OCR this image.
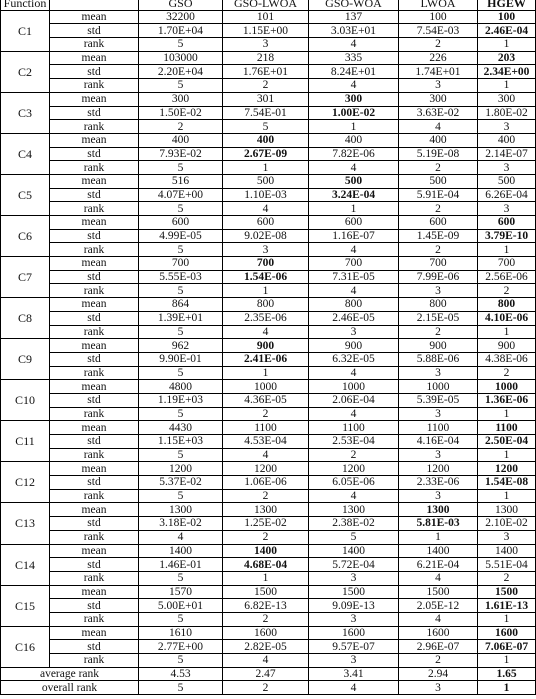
Function		GSO	GSO-LWOA	GSO-WOA	LWOA	HGEW
C1	mean	32200	101	137	100	100
	std	1.70E+04	1.15E+00	3.03E+01	7.54E-03	2.46E-04
	rank	5	3	4	2	1
C2	mean	103000	218	335	226	203
	std	2.20E+04	1.76E+01	8.24E+01	1.74E+01	2.34E+00
	rank	5	2	4	3	1
C3	mean	300	301	300	300	300
	std	1.50E-02	7.54E-01	1.00E-02	3.63E-02	1.80E-02
	rank	2	5	1	4	3
C4	mean	400	400	400	400	400
	std	7.93E-02	2.67E-09	7.82E-06	5.19E-08	2.14E-07
	rank	5	1	4	2	3
C5	mean	516	500	500	500	500
	std	4.07E+00	1.10E-03	3.24E-04	5.91E-04	6.26E-04
	rank	5	4	1	2	3
C6	mean	600	600	600	600	600
	std	4.99E-05	9.02E-08	1.16E-07	1.45E-09	3.79E-10
	rank	5	3	4	2	1
C7	mean	700	700	700	700	700
	std	5.55E-03	1.54E-06	7.31E-05	7.99E-06	2.56E-06
	rank	5	1	4	3	2
C8	mean	864	800	800	800	800
	std	1.39E+01	2.35E-06	2.46E-05	2.15E-05	4.10E-06
	rank	5	4	3	2	1
C9	mean	962	900	900	900	900
	std	9.90E-01	2.41E-06	6.32E-05	5.88E-06	4.38E-06
	rank	5	1	4	3	2
C10	mean	4800	1000	1000	1000	1000
	std	1.19E+03	4.36E-05	2.06E-04	5.39E-05	1.36E-06
	rank	5	2	4	3	1
C11	mean	4430	1100	1100	1100	1100
	std	1.15E+03	4.53E-04	2.53E-04	4.16E-04	2.50E-04
	rank	5	4	2	3	1
C12	mean	1200	1200	1200	1200	1200
	std	5.37E-02	1.06E-06	6.05E-06	2.33E-06	1.54E-08
	rank	5	2	4	3	1
C13	mean	1300	1300	1300	1300	1300
	std	3.18E-02	1.25E-02	2.38E-02	5.81E-03	2.10E-02
	rank	4	2	5	1	3
C14	mean	1400	1400	1400	1400	1400
	std	1.46E-01	4.68E-04	5.72E-04	6.21E-04	5.51E-04
	rank	5	1	3	4	2
C15	mean	1570	1500	1500	1500	1500
	std	5.00E+01	6.82E-13	9.09E-13	2.05E-12	1.61E-13
	rank	5	2	3	4	1
C16	mean	1610	1600	1600	1600	1600
	std	2.77E+00	2.82E-05	9.57E-07	2.96E-07	7.06E-07
	rank	5	4	3	2	1
average rank		4.53	2.47	3.41	2.94	1.65
overall rank		5	2	4	3	1
